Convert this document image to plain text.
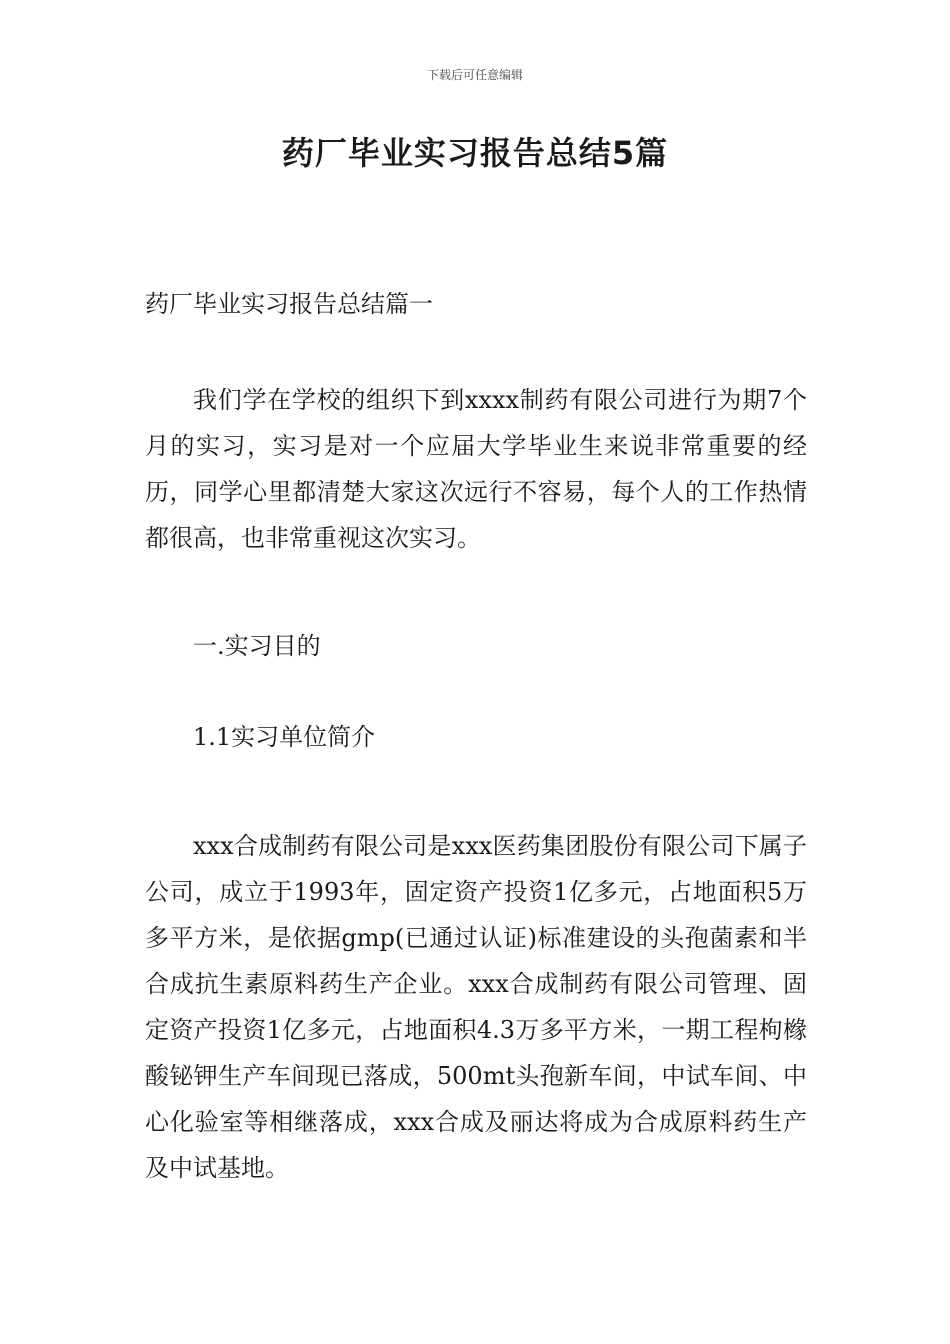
下载后可任意编辑
药厂毕业实习报告总结5篇

药厂毕业实习报告总结篇一

我们学在学校的组织下到xxxx制药有限公司进行为期7个月的实习，实习是对一个应届大学毕业生来说非常重要的经历，同学心里都清楚大家这次远行不容易，每个人的工作热情都很高，也非常重视这次实习。

一.实习目的

1.1实习单位简介

xxx合成制药有限公司是xxx医药集团股份有限公司下属子公司，成立于1993年，固定资产投资1亿多元，占地面积5万多平方米，是依据gmp(已通过认证)标准建设的头孢菌素和半合成抗生素原料药生产企业。xxx合成制药有限公司管理、固定资产投资1亿多元，占地面积4.3万多平方米，一期工程枸橼酸铋钾生产车间现已落成，500mt头孢新车间，中试车间、中心化验室等相继落成，xxx合成及丽达将成为合成原料药生产及中试基地。
